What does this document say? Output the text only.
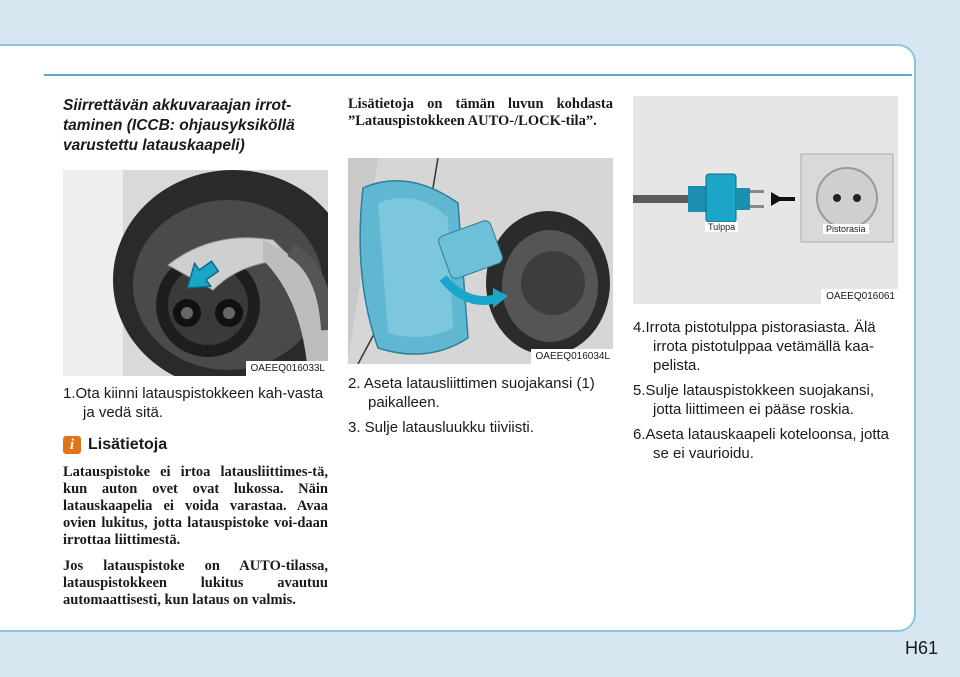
Siirrettävän akkuvaraajan irrot-taminen (ICCB: ohjausyksiköllä varustettu latauskaapeli)

OAEEQ016033L

1.Ota kiinni latauspistokkeen kah-vasta ja vedä sitä.

i Lisätietoja

Latauspistoke ei irtoa latausliittimes-tä, kun auton ovet ovat lukossa. Näin latauskaapelia ei voida varastaa. Avaa ovien lukitus, jotta latauspistoke voi-daan irrottaa liittimestä.

Jos latauspistoke on AUTO-tilassa, latauspistokkeen lukitus avautuu automaattisesti, kun lataus on valmis.

Lisätietoja on tämän luvun kohdasta ”Latauspistokkeen AUTO-/LOCK-tila”.

OAEEQ016034L

2. Aseta latausliittimen suojakansi (1) paikalleen.

3. Sulje latausluukku tiiviisti.

Tulppa	Pistorasia
OAEEQ016061

4.Irrota pistotulppa pistorasiasta. Älä irrota pistotulppaa vetämällä kaa-pelista.

5.Sulje latauspistokkeen suojakansi, jotta liittimeen ei pääse roskia.

6.Aseta latauskaapeli koteloonsa, jotta se ei vaurioidu.

H61
